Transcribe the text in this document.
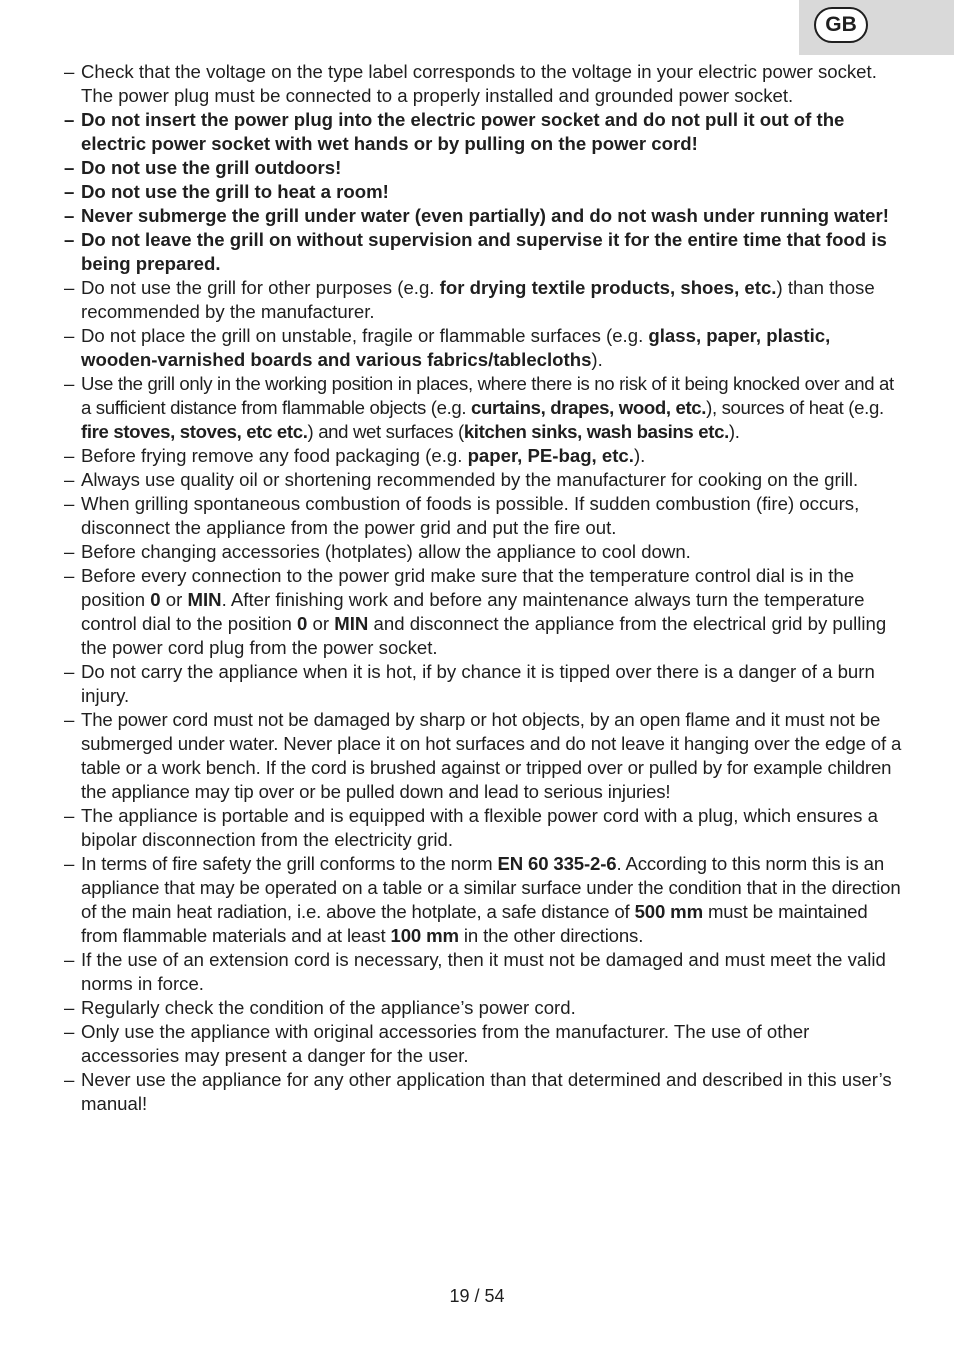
GB

– Check that the voltage on the type label corresponds to the voltage in your electric power socket. The power plug must be connected to a properly installed and grounded power socket.

– Do not insert the power plug into the electric power socket and do not pull it out of the electric power socket with wet hands or by pulling on the power cord!

– Do not use the grill outdoors!

– Do not use the grill to heat a room!

– Never submerge the grill under water (even partially) and do not wash under running water!

– Do not leave the grill on without supervision and supervise it for the entire time that food is being prepared.

– Do not use the grill for other purposes (e.g. for drying textile products, shoes, etc.) than those recommended by the manufacturer.

– Do not place the grill on unstable, fragile or flammable surfaces (e.g. glass, paper, plastic, wooden-varnished boards and various fabrics/tablecloths).

– Use the grill only in the working position in places, where there is no risk of it being knocked over and at a sufficient distance from flammable objects (e.g. curtains, drapes, wood, etc.), sources of heat (e.g. fire stoves, stoves, etc etc.) and wet surfaces (kitchen sinks, wash basins etc.).

– Before frying remove any food packaging (e.g. paper, PE-bag, etc.).

– Always use quality oil or shortening recommended by the manufacturer for cooking on the grill.

– When grilling spontaneous combustion of foods is possible. If sudden combustion (fire) occurs, disconnect the appliance from the power grid and put the fire out.

– Before changing accessories (hotplates) allow the appliance to cool down.

– Before every connection to the power grid make sure that the temperature control dial is in the position 0 or MIN. After finishing work and before any maintenance always turn the temperature control dial to the position 0 or MIN and disconnect the appliance from the electrical grid by pulling the power cord plug from the power socket.

– Do not carry the appliance when it is hot, if by chance it is tipped over there is a danger of a burn injury.

– The power cord must not be damaged by sharp or hot objects, by an open flame and it must not be submerged under water. Never place it on hot surfaces and do not leave it hanging over the edge of a table or a work bench. If the cord is brushed against or tripped over or pulled by for example children the appliance may tip over or be pulled down and lead to serious injuries!

– The appliance is portable and is equipped with a flexible power cord with a plug, which ensures a bipolar disconnection from the electricity grid.

– In terms of fire safety the grill conforms to the norm EN 60 335-2-6. According to this norm this is an appliance that may be operated on a table or a similar surface under the condition that in the direction of the main heat radiation, i.e. above the hotplate, a safe distance of 500 mm must be maintained from flammable materials and at least 100 mm in the other directions.

– If the use of an extension cord is necessary, then it must not be damaged and must meet the valid norms in force.

– Regularly check the condition of the appliance’s power cord.

– Only use the appliance with original accessories from the manufacturer. The use of other accessories may present a danger for the user.

– Never use the appliance for any other application than that determined and described in this user’s manual!

19 / 54
